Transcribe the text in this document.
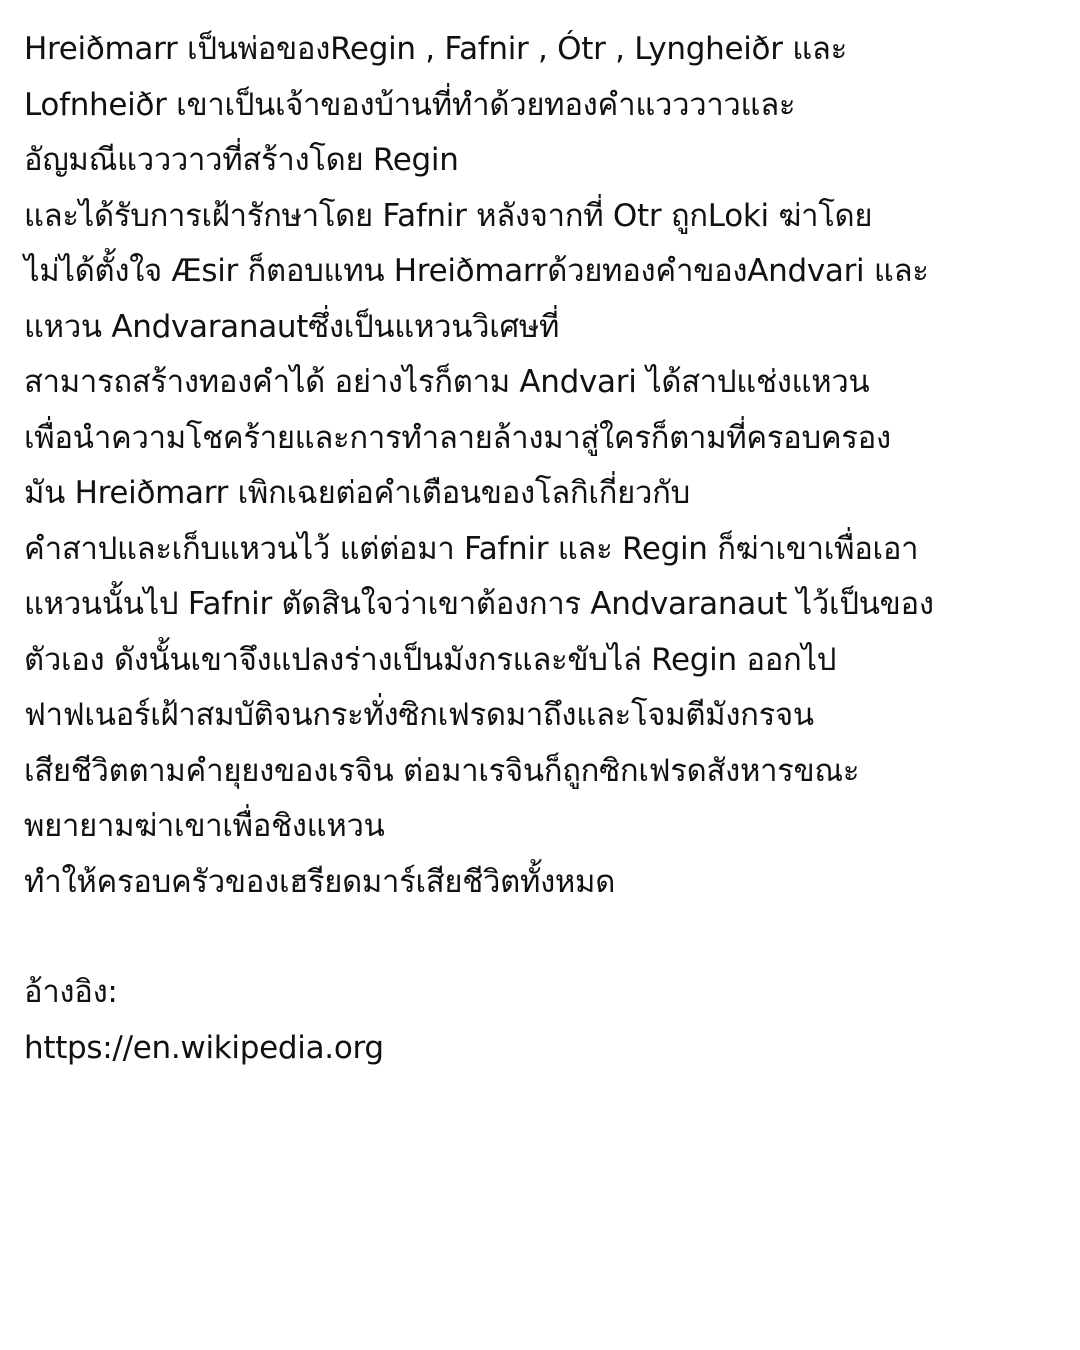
Hreiðmarr เป็นพ่อของRegin , Fafnir , Ótr , Lyngheiðr และ
Lofnheiðr เขาเป็นเจ้าของบ้านที่ทำด้วยทองคำแวววาวและ
อัญมณีแวววาวที่สร้างโดย Regin
และได้รับการเฝ้ารักษาโดย Fafnir หลังจากที่ Otr ถูกLoki ฆ่าโดย
ไม่ได้ตั้งใจ Æsir ก็ตอบแทน Hreiðmarrด้วยทองคำของAndvari และ
แหวน Andvaranautซึ่งเป็นแหวนวิเศษที่
สามารถสร้างทองคำได้ อย่างไรก็ตาม Andvari ได้สาปแช่งแหวน
เพื่อนำความโชคร้ายและการทำลายล้างมาสู่ใครก็ตามที่ครอบครอง
มัน Hreiðmarr เพิกเฉยต่อคำเตือนของโลกิเกี่ยวกับ
คำสาปและเก็บแหวนไว้ แต่ต่อมา Fafnir และ Regin ก็ฆ่าเขาเพื่อเอา
แหวนนั้นไป Fafnir ตัดสินใจว่าเขาต้องการ Andvaranaut ไว้เป็นของ
ตัวเอง ดังนั้นเขาจึงแปลงร่างเป็นมังกรและขับไล่ Regin ออกไป
ฟาฟเนอร์เฝ้าสมบัติจนกระทั่งซิกเฟรดมาถึงและโจมตีมังกรจน
เสียชีวิตตามคำยุยงของเรจิน ต่อมาเรจินก็ถูกซิกเฟรดสังหารขณะ
พยายามฆ่าเขาเพื่อชิงแหวน
ทำให้ครอบครัวของเฮรียดมาร์เสียชีวิตทั้งหมด
อ้างอิง:
https://en.wikipedia.org
